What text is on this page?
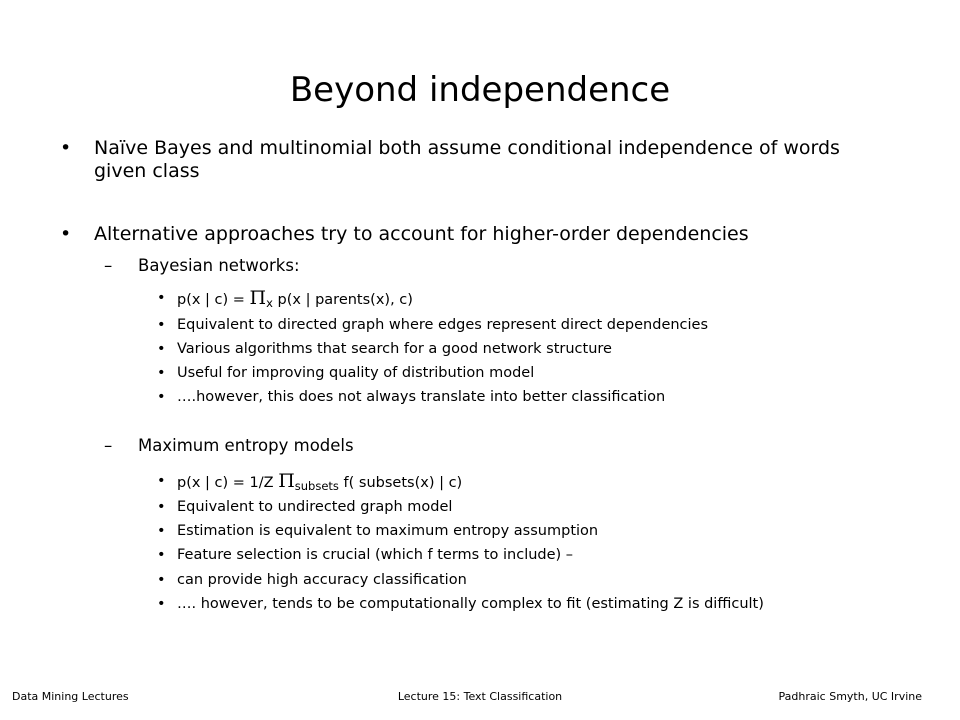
Beyond independence
• Naïve Bayes and multinomial both assume conditional independence of words given class
• Alternative approaches try to account for higher-order dependencies
– Bayesian networks:
• p(x | $c) = \Pi_x$ p(x | parents(x), c)
• Equivalent to directed graph where edges represent direct dependencies
• Various algorithms that search for a good network structure
• Useful for improving quality of distribution model
• ….however, this does not always translate into better classification
– Maximum entropy models
• p(x | c) = 1/Z $\Pi_{subsets}$ f( subsets(x) | c)
• Equivalent to undirected graph model
• Estimation is equivalent to maximum entropy assumption
• Feature selection is crucial (which f terms to include) –
• can provide high accuracy classification
• …. however, tends to be computationally complex to fit (estimating Z is difficult)
Lecture 15: Text Classification
Data Mining Lectures	Padhraic Smyth, UC Irvine
